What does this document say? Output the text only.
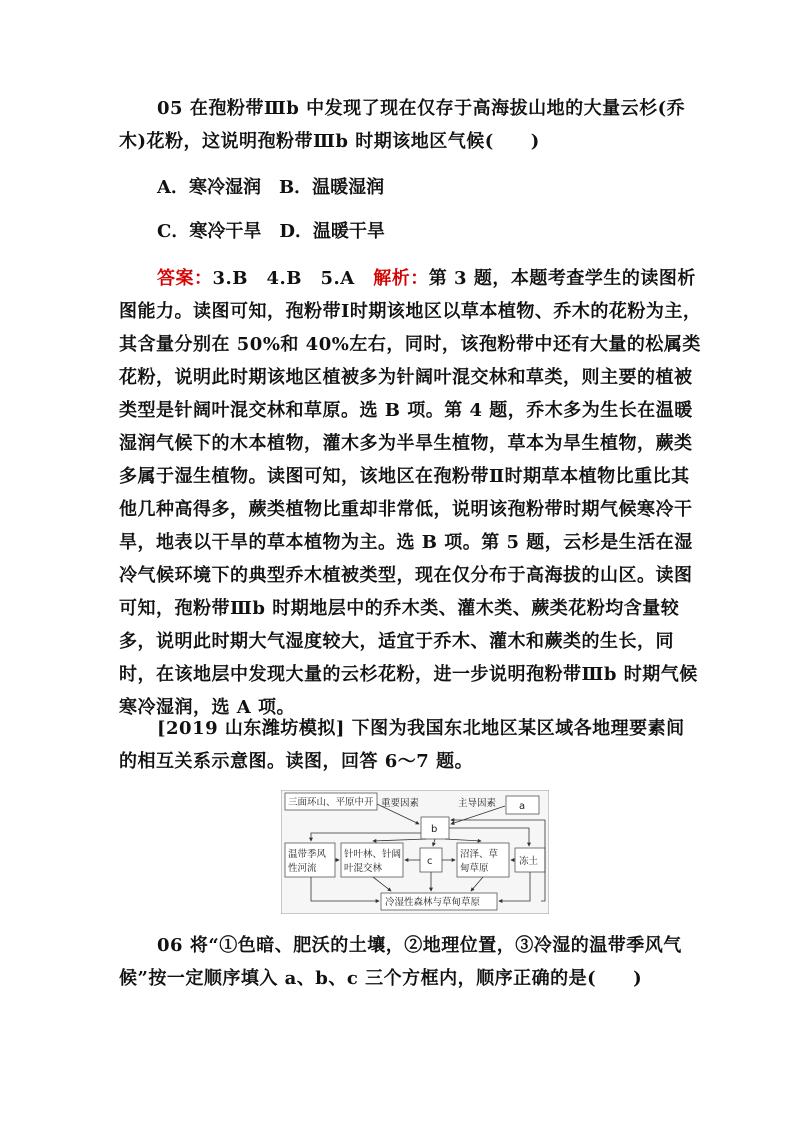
05 在孢粉带Ⅲb 中发现了现在仅存于高海拔山地的大量云杉(乔木)花粉，这说明孢粉带Ⅲb 时期该地区气候(　　)
A．寒冷湿润　 B．温暖湿润
C．寒冷干旱　 D．温暖干旱
答案：3.B　4.B　5.A　解析：第 3 题，本题考查学生的读图析图能力。读图可知，孢粉带Ⅰ时期该地区以草本植物、乔木的花粉为主，其含量分别在 50%和 40%左右，同时，该孢粉带中还有大量的松属类花粉，说明此时期该地区植被多为针阔叶混交林和草类，则主要的植被类型是针阔叶混交林和草原。选 B 项。第 4 题，乔木多为生长在温暖湿润气候下的木本植物，灌木多为半旱生植物，草本为旱生植物，蕨类多属于湿生植物。读图可知，该地区在孢粉带Ⅱ时期草本植物比重比其他几种高得多，蕨类植物比重却非常低，说明该孢粉带时期气候寒冷干旱，地表以干旱的草本植物为主。选 B 项。第 5 题，云杉是生活在湿冷气候环境下的典型乔木植被类型，现在仅分布于高海拔的山区。读图可知，孢粉带Ⅲb 时期地层中的乔木类、灌木类、蕨类花粉均含量较多，说明此时期大气湿度较大，适宜于乔木、灌木和蕨类的生长，同时，在该地层中发现大量的云杉花粉，进一步说明孢粉带Ⅲb 时期气候寒冷湿润，选 A 项。
[2019 山东潍坊模拟] 下图为我国东北地区某区域各地理要素间的相互关系示意图。读图，回答 6～7 题。
三面环山、平原中开 重要因素	主导因素 a
b
温带季风
性河流
针叶林、针阔
叶混交林
c
沼泽、草
甸草原
冻土
冷湿性森林与草甸草原
06 将“①色暗、肥沃的土壤，②地理位置，③冷湿的温带季风气候”按一定顺序填入 a、b、c 三个方框内，顺序正确的是(　　)
